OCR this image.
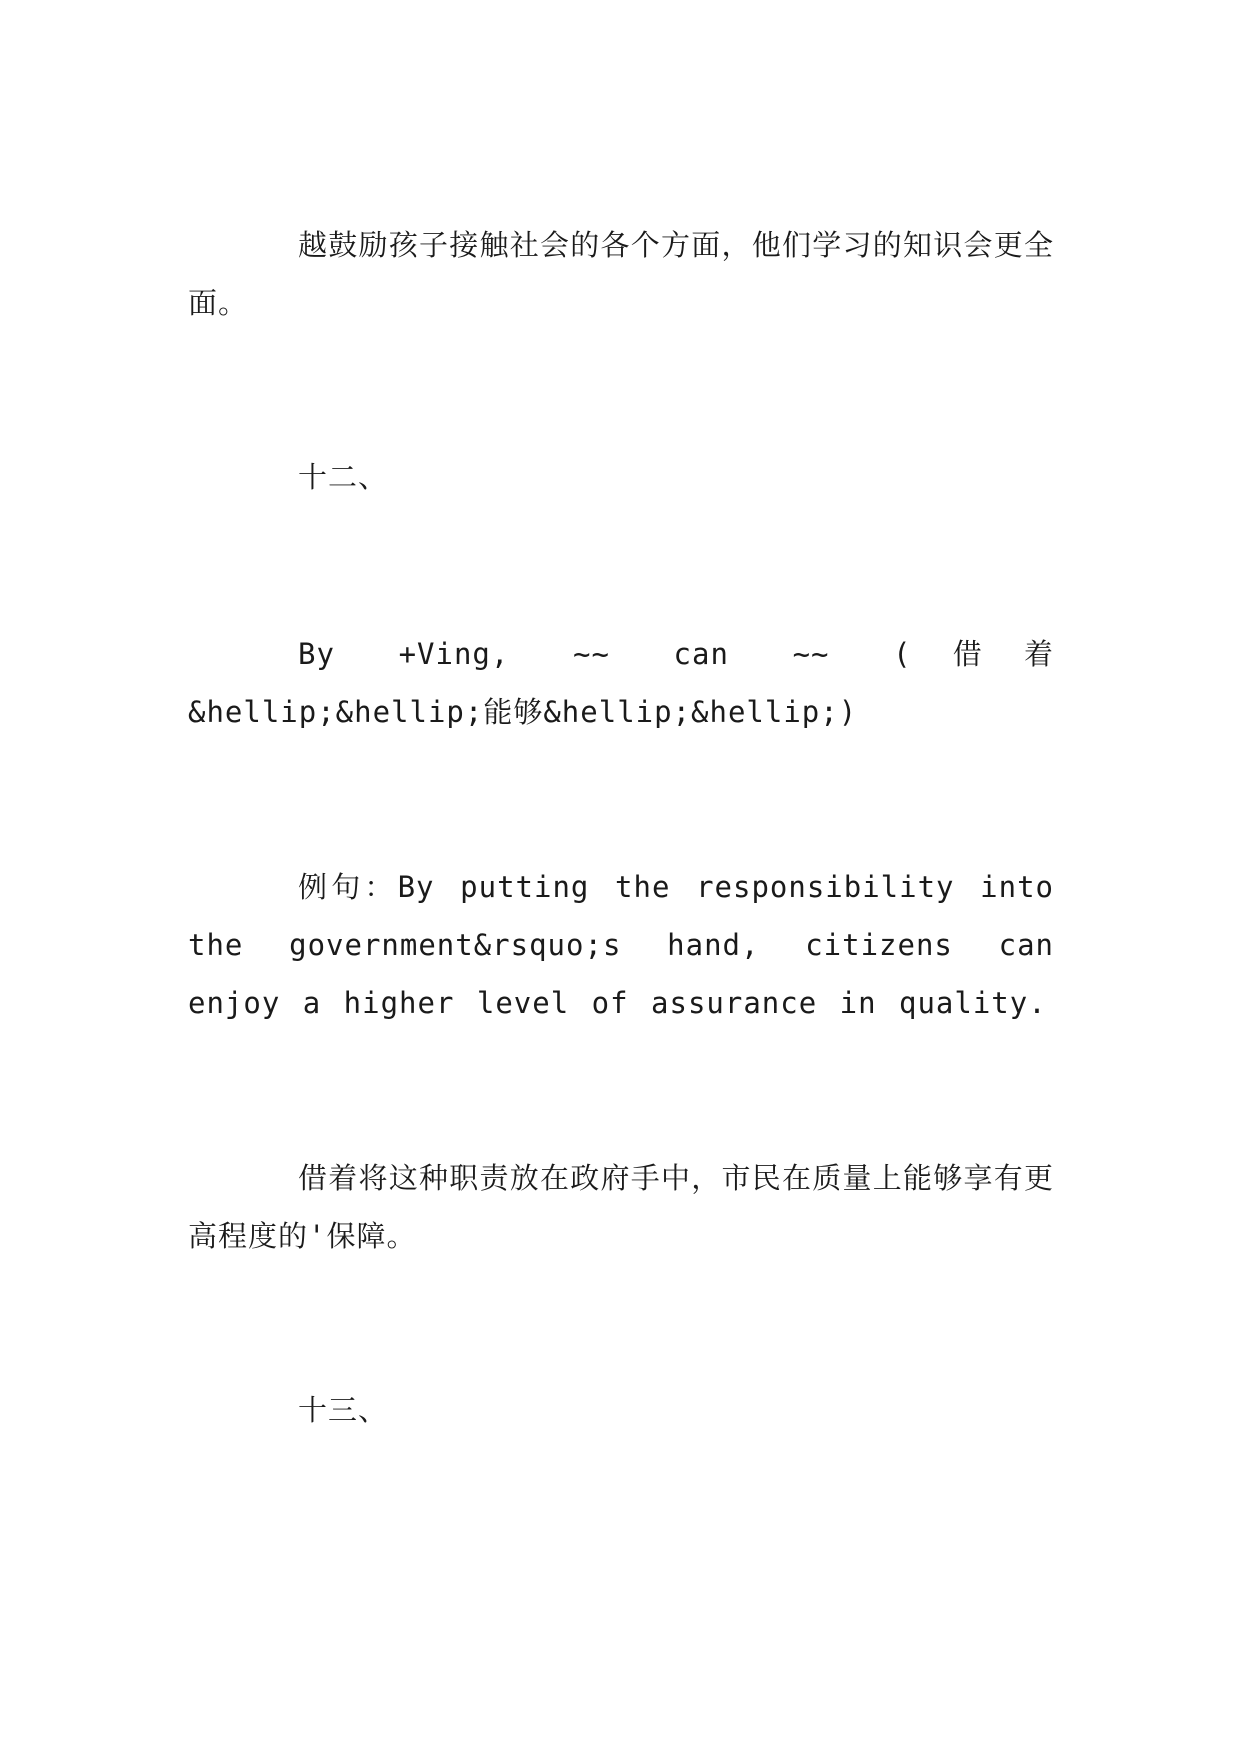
越鼓励孩子接触社会的各个方面，他们学习的知识会更全面。

十二、

By +Ving, ~~ can ~~ (借着&hellip;&hellip;能够&hellip;&hellip;)

例句：By putting the responsibility into the government&rsquo;s hand, citizens can enjoy a higher level of assurance in quality.

借着将这种职责放在政府手中，市民在质量上能够享有更高程度的'保障。

十三、
